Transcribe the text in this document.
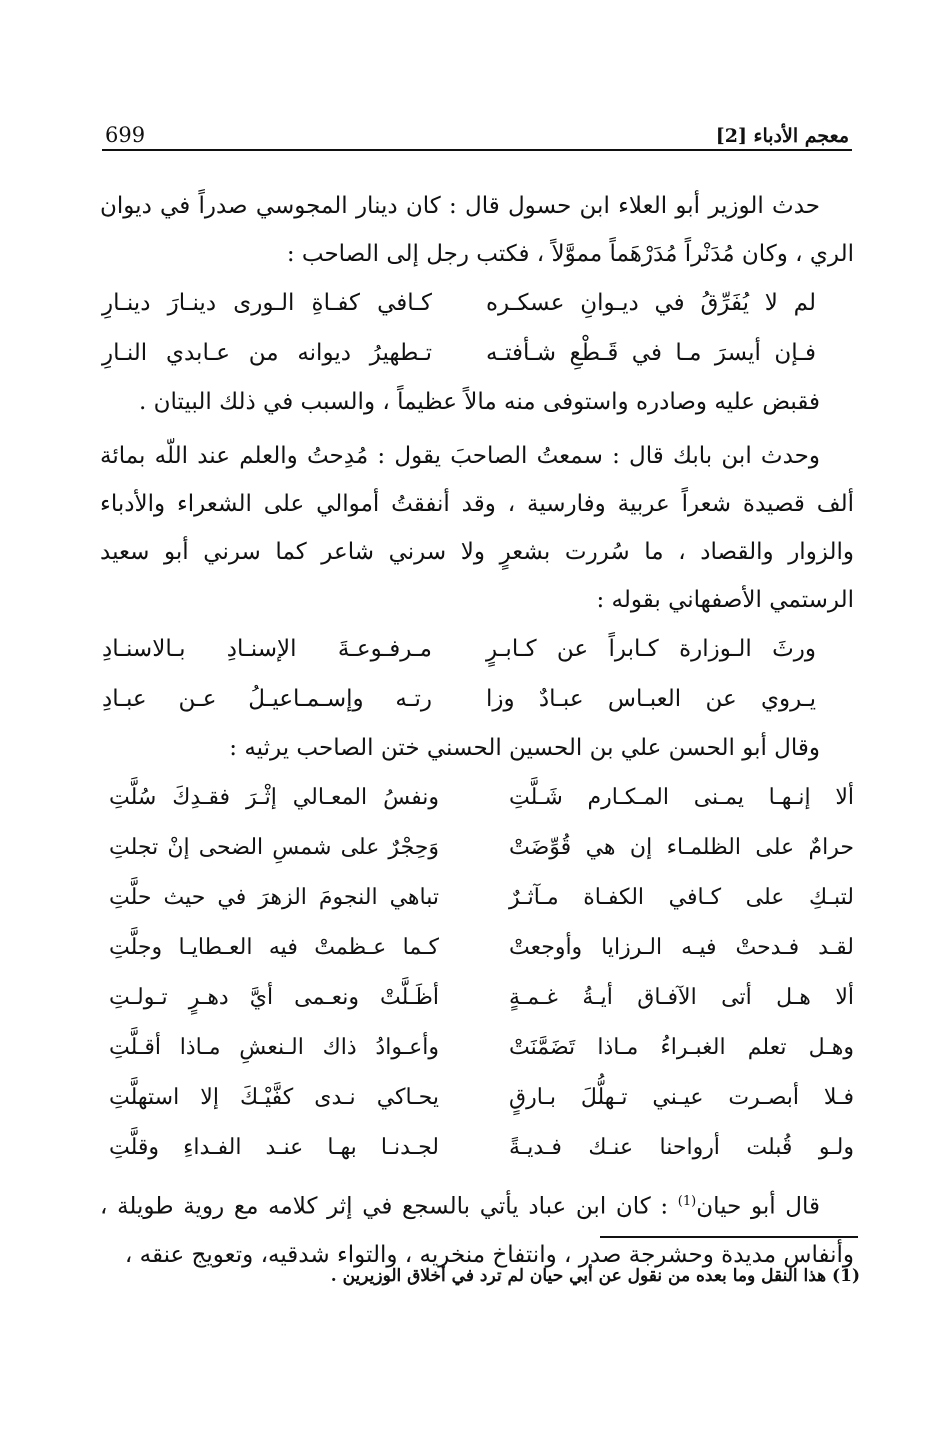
699	معجم الأدباء [2]

حدث الوزير أبو العلاء ابن حسول قال : كان دينار المجوسي صدراً في ديوان الري ، وكان مُدَنْراً مُدَرْهَماً مموَّلاً ، فكتب رجل إلى الصاحب :

لم لا يُفَرِّقُ في ديـوانِ عسكـره
كـافي كفـاةِ الـورى دينـارَ دينـارِ
فـإن أيسرَ مـا في قَـطْعِ شـأفتـه
تـطهيرُ ديوانه من عـابدي النـارِ

فقبض عليه وصادره واستوفى منه مالاً عظيماً ، والسبب في ذلك البيتان .

وحدث ابن بابك قال : سمعتُ الصاحبَ يقول : مُدِحتُ والعلم عند اللّه بمائة ألف قصيدة شعراً عربية وفارسية ، وقد أنفقتُ أموالي على الشعراء والأدباء والزوار والقصاد ، ما سُررت بشعرٍ ولا سرني شاعر كما سرني أبو سعيد الرستمي الأصفهاني بقوله :

ورثَ الـوزارة كـابراً عن كـابـرٍ
مـرفـوعـةَ الإسنـادِ بـالاسنـادِ
يـروي عن العبـاس عبـادٌ وزا
رتـه وإسـمـاعيـلُ عـن عبـادِ

وقال أبو الحسن علي بن الحسين الحسني ختن الصاحب يرثيه :

ألا إنـهـا يمـنى المـكـارم شَـلَّتِ
ونفسُ المعـالي إثْـرَ فقـدِكَ سُلَّتِ
حرامٌ على الظلمـاء إن هي قُوِّضَتْ
وَحِجْرٌ على شمسِ الضحى إنْ تجلتِ
لتبـكِ على كـافي الكفـاة مـآثـرٌ
تباهي النجومَ الزهرَ في حيث حلَّتِ
لقـد فـدحتْ فيـه الـرزايا وأوجعتْ
كـما عـظمتْ فيه العـطايـا وجلَّتِ
ألا هـل أتى الآفـاق أيـةُ غـمـةٍ
أظَـلَّتْ ونعـمى أيَّ دهـرٍ تـولـتِ
وهـل تعلم الغبـراءُ مـاذا تَضَمَّنَتْ
وأعـوادُ ذاك الـنعشِ مـاذا أقـلَّتِ
فـلا أبصـرت عيـني تـهلُّلَ بـارقٍ
يحـاكي نـدى كفَّيْـكَ إلا استهلَّتِ
ولـو قُبلت أرواحنا عنـك فـديـةً
لجـدنـا بهـا عنـد الفـداءِ وقلَّتِ

قال أبو حيان$^{(1)}$ : كان ابن عباد يأتي بالسجع في إثر كلامه مع روية طويلة ، وأنفاس مديدة وحشرجة صدر ، وانتفاخ منخريه ، والتواء شدقيه، وتعويج عنقه ،

(1) هذا النقل وما بعده من نقول عن أبي حيان لم ترد في أخلاق الوزيرين .
